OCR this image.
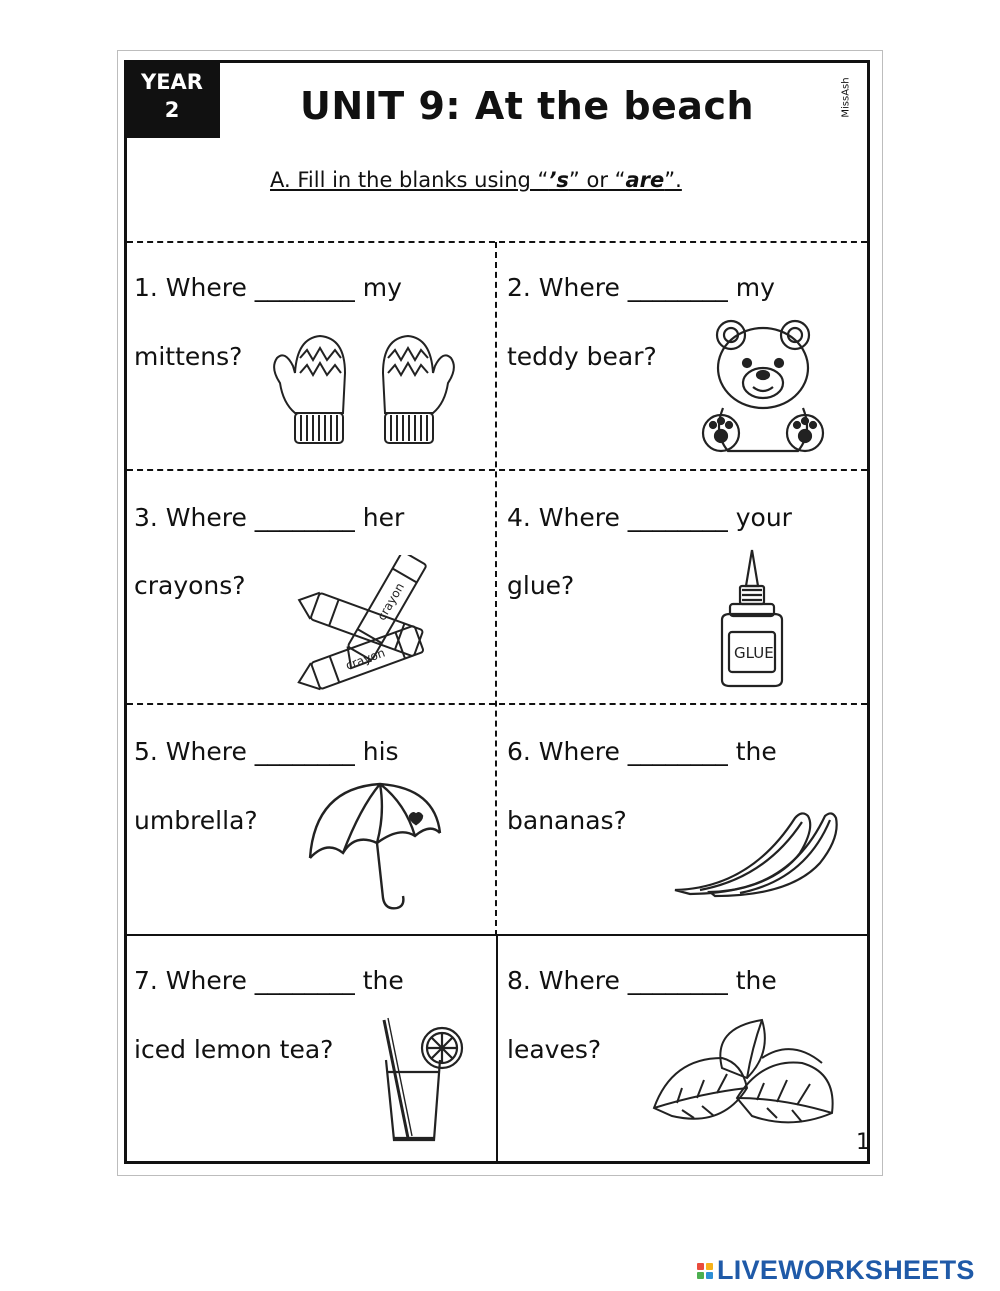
YEAR
2	UNIT 9: At the beach	MissAsh
A. Fill in the blanks using “’s” or “are”.
1. Where ________ my
mittens?
2. Where ________ my
teddy bear?
3. Where ________ her
crayons?
4. Where ________ your
glue?
5. Where ________ his
umbrella?
6. Where ________ the
bananas?
7. Where ________ the
iced lemon tea?
8. Where ________ the
leaves?
crayon
crayon	GLUE
1
LIVEWORKSHEETS
